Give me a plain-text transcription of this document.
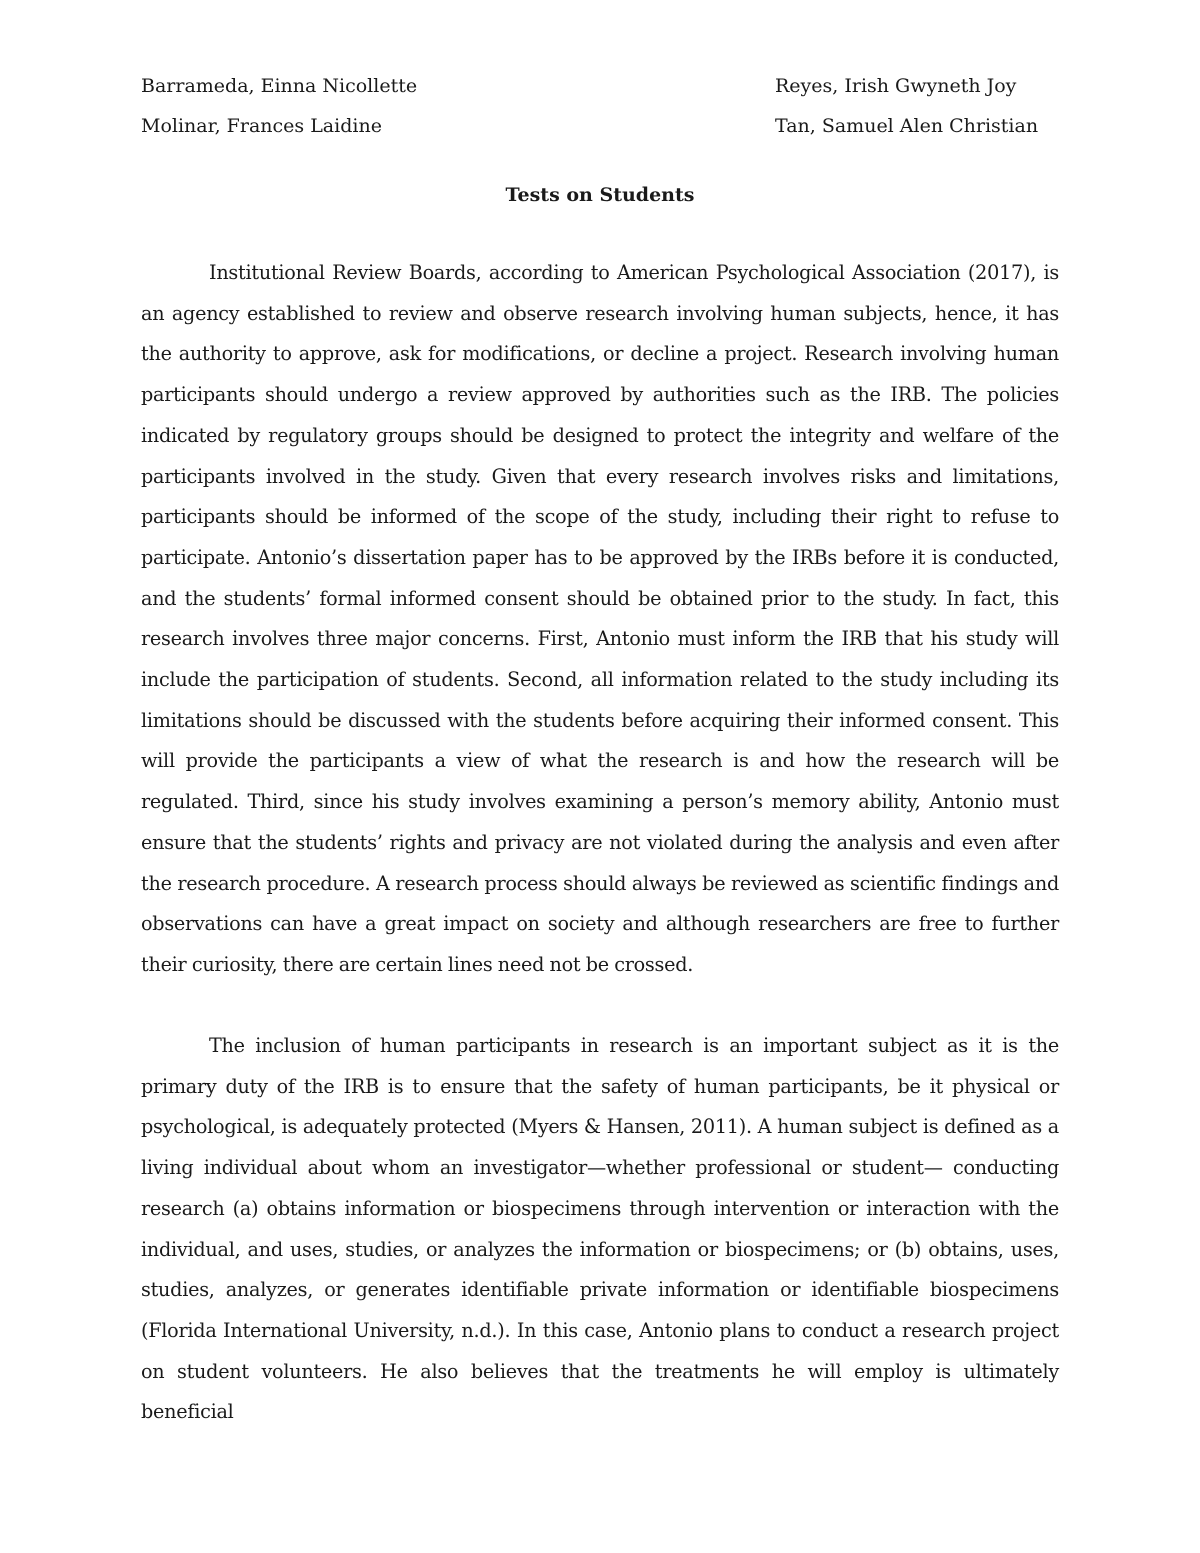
Barrameda, Einna Nicollette	Reyes, Irish Gwyneth Joy
Molinar, Frances Laidine	Tan, Samuel Alen Christian
Tests on Students

Institutional Review Boards, according to American Psychological Association (2017), is an agency established to review and observe research involving human subjects, hence, it has the authority to approve, ask for modifications, or decline a project. Research involving human participants should undergo a review approved by authorities such as the IRB. The policies indicated by regulatory groups should be designed to protect the integrity and welfare of the participants involved in the study. Given that every research involves risks and limitations, participants should be informed of the scope of the study, including their right to refuse to participate. Antonio’s dissertation paper has to be approved by the IRBs before it is conducted, and the students’ formal informed consent should be obtained prior to the study. In fact, this research involves three major concerns. First, Antonio must inform the IRB that his study will include the participation of students. Second, all information related to the study including its limitations should be discussed with the students before acquiring their informed consent. This will provide the participants a view of what the research is and how the research will be regulated. Third, since his study involves examining a person’s memory ability, Antonio must ensure that the students’ rights and privacy are not violated during the analysis and even after the research procedure. A research process should always be reviewed as scientific findings and observations can have a great impact on society and although researchers are free to further their curiosity, there are certain lines need not be crossed.

The inclusion of human participants in research is an important subject as it is the primary duty of the IRB is to ensure that the safety of human participants, be it physical or psychological, is adequately protected (Myers & Hansen, 2011). A human subject is defined as a living individual about whom an investigator—whether professional or student— conducting research (a) obtains information or biospecimens through intervention or interaction with the individual, and uses, studies, or analyzes the information or biospecimens; or (b) obtains, uses, studies, analyzes, or generates identifiable private information or identifiable biospecimens (Florida International University, n.d.). In this case, Antonio plans to conduct a research project on student volunteers. He also believes that the treatments he will employ is ultimately beneficial
